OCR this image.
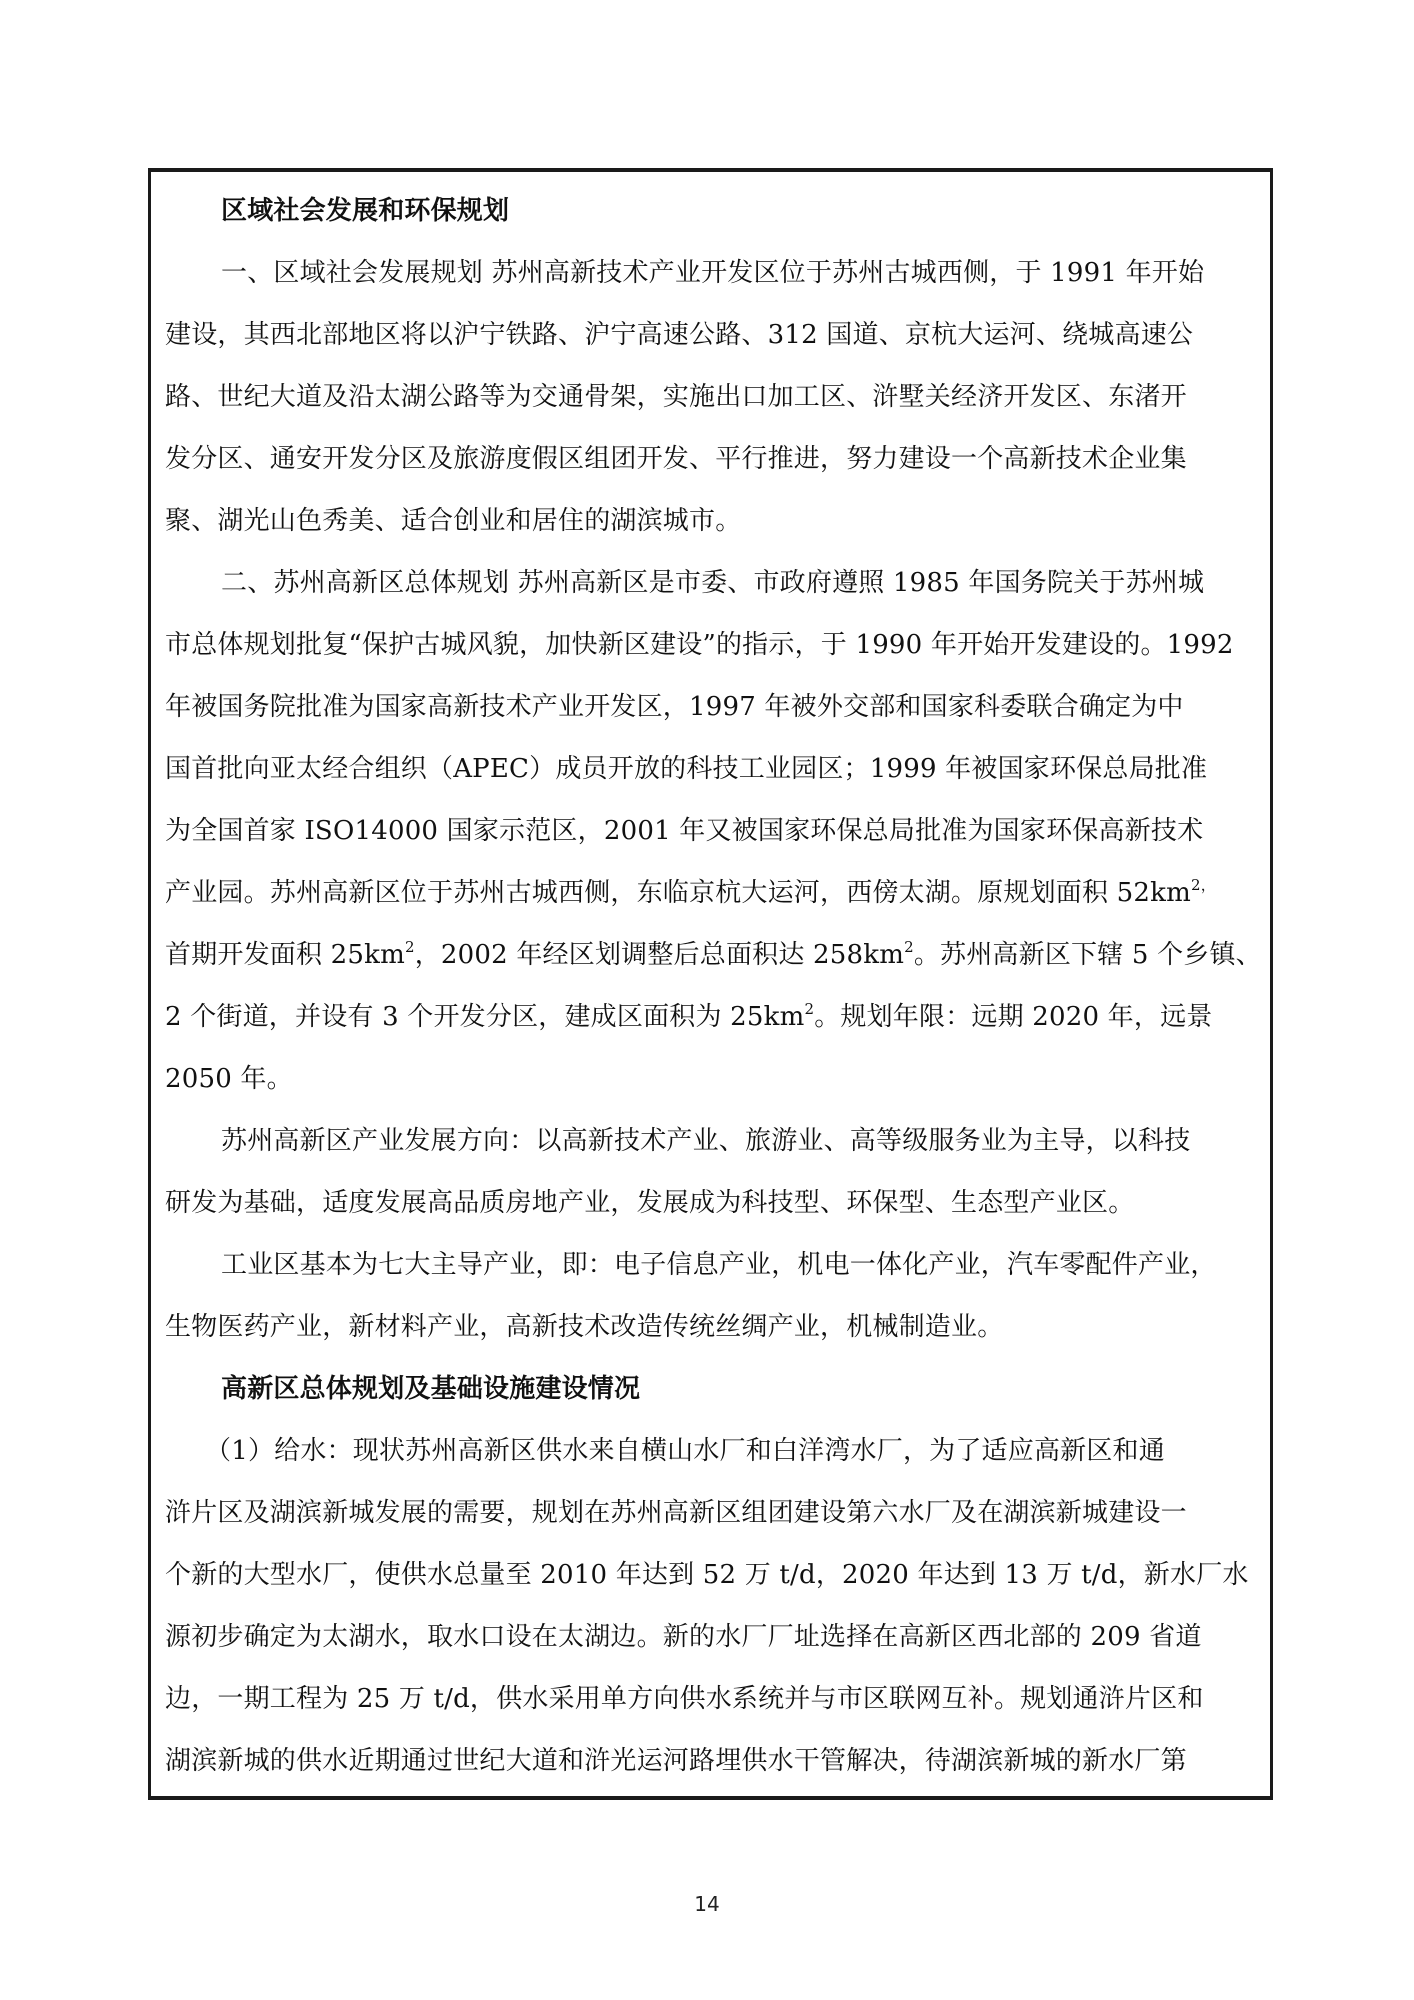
区域社会发展和环保规划
一、区域社会发展规划 苏州高新技术产业开发区位于苏州古城西侧，于 1991 年开始
建设，其西北部地区将以沪宁铁路、沪宁高速公路、312 国道、京杭大运河、绕城高速公
路、世纪大道及沿太湖公路等为交通骨架，实施出口加工区、浒墅关经济开发区、东渚开
发分区、通安开发分区及旅游度假区组团开发、平行推进，努力建设一个高新技术企业集
聚、湖光山色秀美、适合创业和居住的湖滨城市。
二、苏州高新区总体规划 苏州高新区是市委、市政府遵照 1985 年国务院关于苏州城
市总体规划批复“保护古城风貌，加快新区建设”的指示，于 1990 年开始开发建设的。1992
年被国务院批准为国家高新技术产业开发区，1997 年被外交部和国家科委联合确定为中
国首批向亚太经合组织（APEC）成员开放的科技工业园区；1999 年被国家环保总局批准
为全国首家 ISO14000 国家示范区，2001 年又被国家环保总局批准为国家环保高新技术
产业园。苏州高新区位于苏州古城西侧，东临京杭大运河，西傍太湖。原规划面积 $52km^{2,}$
首期开发面积 $25km^2$，2002 年经区划调整后总面积达 $258km^2$。苏州高新区下辖 5 个乡镇、
2 个街道，并设有 3 个开发分区，建成区面积为 $25km^2$。规划年限：远期 2020 年，远景
2050 年。
苏州高新区产业发展方向：以高新技术产业、旅游业、高等级服务业为主导，以科技
研发为基础，适度发展高品质房地产业，发展成为科技型、环保型、生态型产业区。
工业区基本为七大主导产业，即：电子信息产业，机电一体化产业，汽车零配件产业，
生物医药产业，新材料产业，高新技术改造传统丝绸产业，机械制造业。
高新区总体规划及基础设施建设情况
（1）给水：现状苏州高新区供水来自横山水厂和白洋湾水厂，为了适应高新区和通
浒片区及湖滨新城发展的需要，规划在苏州高新区组团建设第六水厂及在湖滨新城建设一
个新的大型水厂，使供水总量至 2010 年达到 52 万 t/d，2020 年达到 13 万 t/d，新水厂水
源初步确定为太湖水，取水口设在太湖边。新的水厂厂址选择在高新区西北部的 209 省道
边，一期工程为 25 万 t/d，供水采用单方向供水系统并与市区联网互补。规划通浒片区和
湖滨新城的供水近期通过世纪大道和浒光运河路埋供水干管解决，待湖滨新城的新水厂第
14
